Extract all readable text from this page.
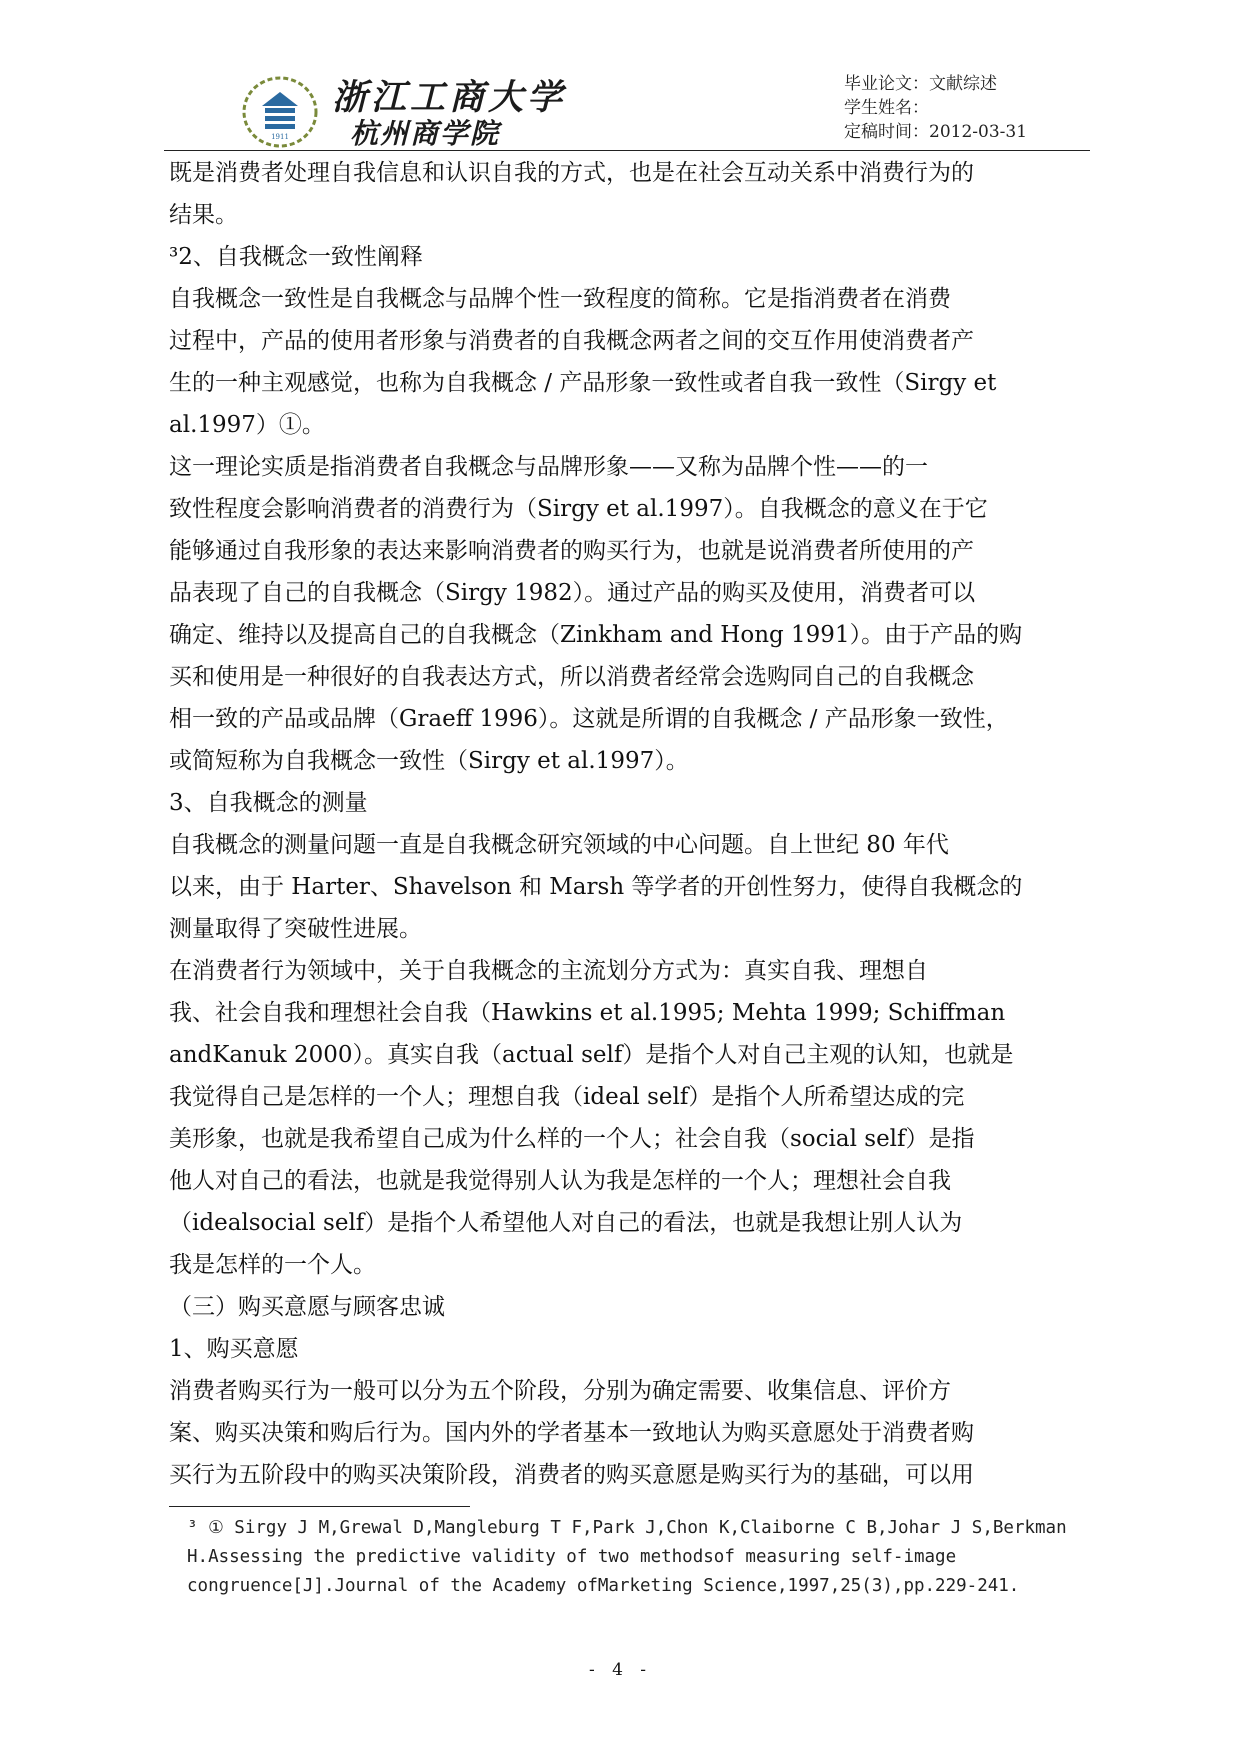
1911
浙江工商大学
杭州商学院
毕业论文：文献综述
学生姓名：
定稿时间：2012-03-31

既是消费者处理自我信息和认识自我的方式，也是在社会互动关系中消费行为的

结果。

³2、自我概念一致性阐释

自我概念一致性是自我概念与品牌个性一致程度的简称。它是指消费者在消费

过程中，产品的使用者形象与消费者的自我概念两者之间的交互作用使消费者产

生的一种主观感觉，也称为自我概念 / 产品形象一致性或者自我一致性（Sirgy et

al.1997）①。

这一理论实质是指消费者自我概念与品牌形象——又称为品牌个性——的一

致性程度会影响消费者的消费行为（Sirgy et al.1997）。自我概念的意义在于它

能够通过自我形象的表达来影响消费者的购买行为，也就是说消费者所使用的产

品表现了自己的自我概念（Sirgy 1982）。通过产品的购买及使用，消费者可以

确定、维持以及提高自己的自我概念（Zinkham and Hong 1991）。由于产品的购

买和使用是一种很好的自我表达方式，所以消费者经常会选购同自己的自我概念

相一致的产品或品牌（Graeff 1996）。这就是所谓的自我概念 / 产品形象一致性，

或简短称为自我概念一致性（Sirgy et al.1997）。

3、自我概念的测量

自我概念的测量问题一直是自我概念研究领域的中心问题。自上世纪 80 年代

以来，由于 Harter、Shavelson 和 Marsh 等学者的开创性努力，使得自我概念的

测量取得了突破性进展。

在消费者行为领域中，关于自我概念的主流划分方式为：真实自我、理想自

我、社会自我和理想社会自我（Hawkins et al.1995; Mehta 1999; Schiffman

andKanuk 2000）。真实自我（actual self）是指个人对自己主观的认知，也就是

我觉得自己是怎样的一个人；理想自我（ideal self）是指个人所希望达成的完

美形象，也就是我希望自己成为什么样的一个人；社会自我（social self）是指

他人对自己的看法，也就是我觉得别人认为我是怎样的一个人；理想社会自我

（idealsocial self）是指个人希望他人对自己的看法，也就是我想让别人认为

我是怎样的一个人。

（三）购买意愿与顾客忠诚

1、购买意愿

消费者购买行为一般可以分为五个阶段，分别为确定需要、收集信息、评价方

案、购买决策和购后行为。国内外的学者基本一致地认为购买意愿处于消费者购

买行为五阶段中的购买决策阶段，消费者的购买意愿是购买行为的基础，可以用

³ ① Sirgy J M,Grewal D,Mangleburg T F,Park J,Chon K,Claiborne C B,Johar J S,Berkman
H.Assessing the predictive validity of two methodsof measuring self-image
congruence[J].Journal of the Academy ofMarketing Science,1997,25(3),pp.229-241.
- 4 -
